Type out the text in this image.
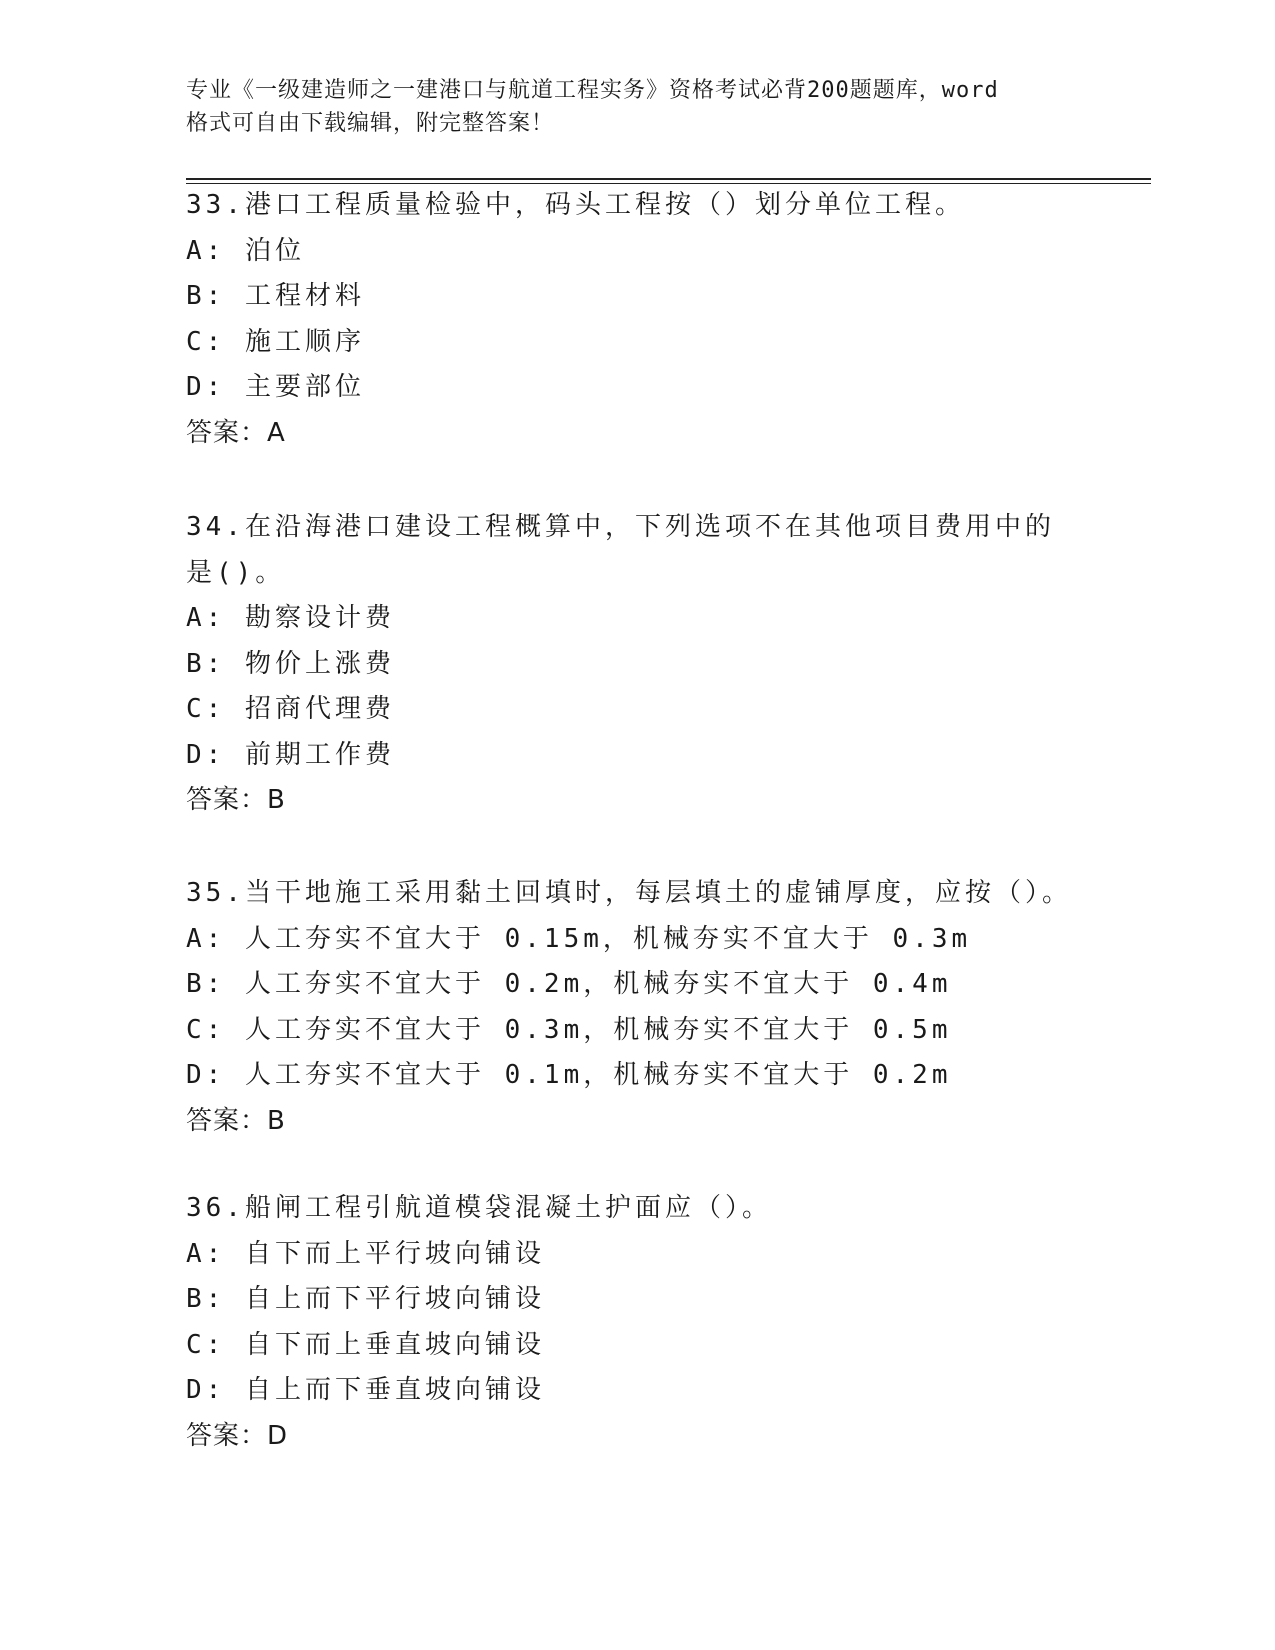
专业《一级建造师之一建港口与航道工程实务》资格考试必背200题题库，word
格式可自由下载编辑，附完整答案！
33.港口工程质量检验中，码头工程按（）划分单位工程。
A: 泊位
B: 工程材料
C: 施工顺序
D: 主要部位
答案：A
34.在沿海港口建设工程概算中，下列选项不在其他项目费用中的是()。
A: 勘察设计费
B: 物价上涨费
C: 招商代理费
D: 前期工作费
答案：B
35.当干地施工采用黏土回填时，每层填土的虚铺厚度，应按（）。
A: 人工夯实不宜大于 0.15m，机械夯实不宜大于 0.3m
B: 人工夯实不宜大于 0.2m，机械夯实不宜大于 0.4m
C: 人工夯实不宜大于 0.3m，机械夯实不宜大于 0.5m
D: 人工夯实不宜大于 0.1m，机械夯实不宜大于 0.2m
答案：B
36.船闸工程引航道模袋混凝土护面应（）。
A: 自下而上平行坡向铺设
B: 自上而下平行坡向铺设
C: 自下而上垂直坡向铺设
D: 自上而下垂直坡向铺设
答案：D
